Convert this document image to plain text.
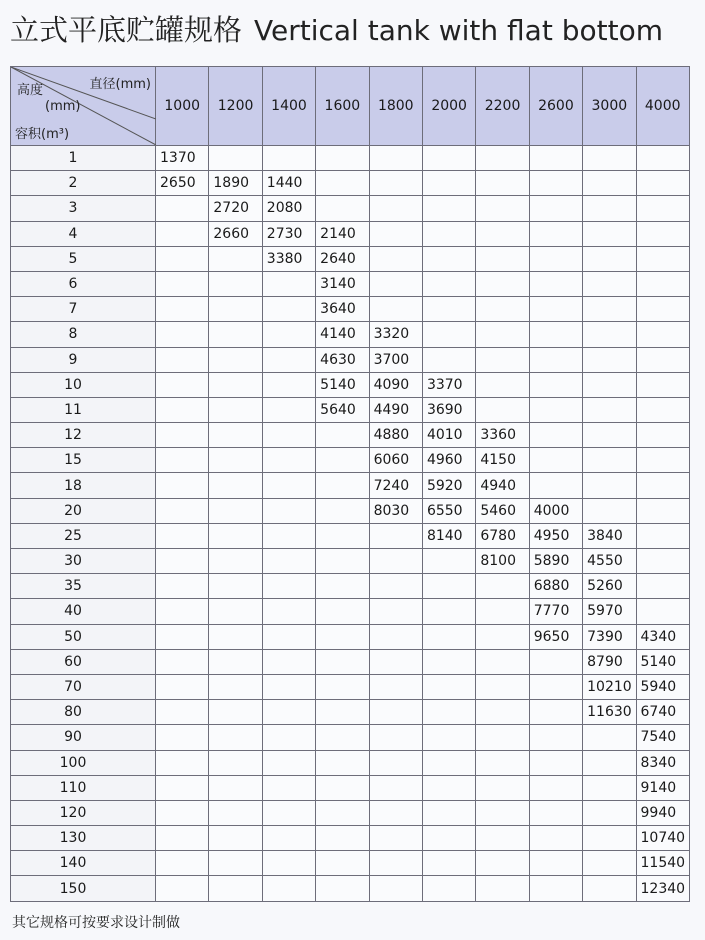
立式平底贮罐规格 Vertical tank with flat bottom
直径(mm)
高度
(mm)
容积(m³)	1000	1200	1400	1600	1800	2000	2200	2600	3000	4000
1	1370									
2	2650	1890	1440							
3		2720	2080							
4		2660	2730	2140						
5			3380	2640						
6				3140						
7				3640						
8				4140	3320					
9				4630	3700					
10				5140	4090	3370				
11				5640	4490	3690				
12					4880	4010	3360			
15					6060	4960	4150			
18					7240	5920	4940			
20					8030	6550	5460	4000		
25						8140	6780	4950	3840	
30							8100	5890	4550	
35								6880	5260	
40								7770	5970	
50								9650	7390	4340
60									8790	5140
70									10210	5940
80									11630	6740
90										7540
100										8340
110										9140
120										9940
130										10740
140										11540
150										12340
其它规格可按要求设计制做
